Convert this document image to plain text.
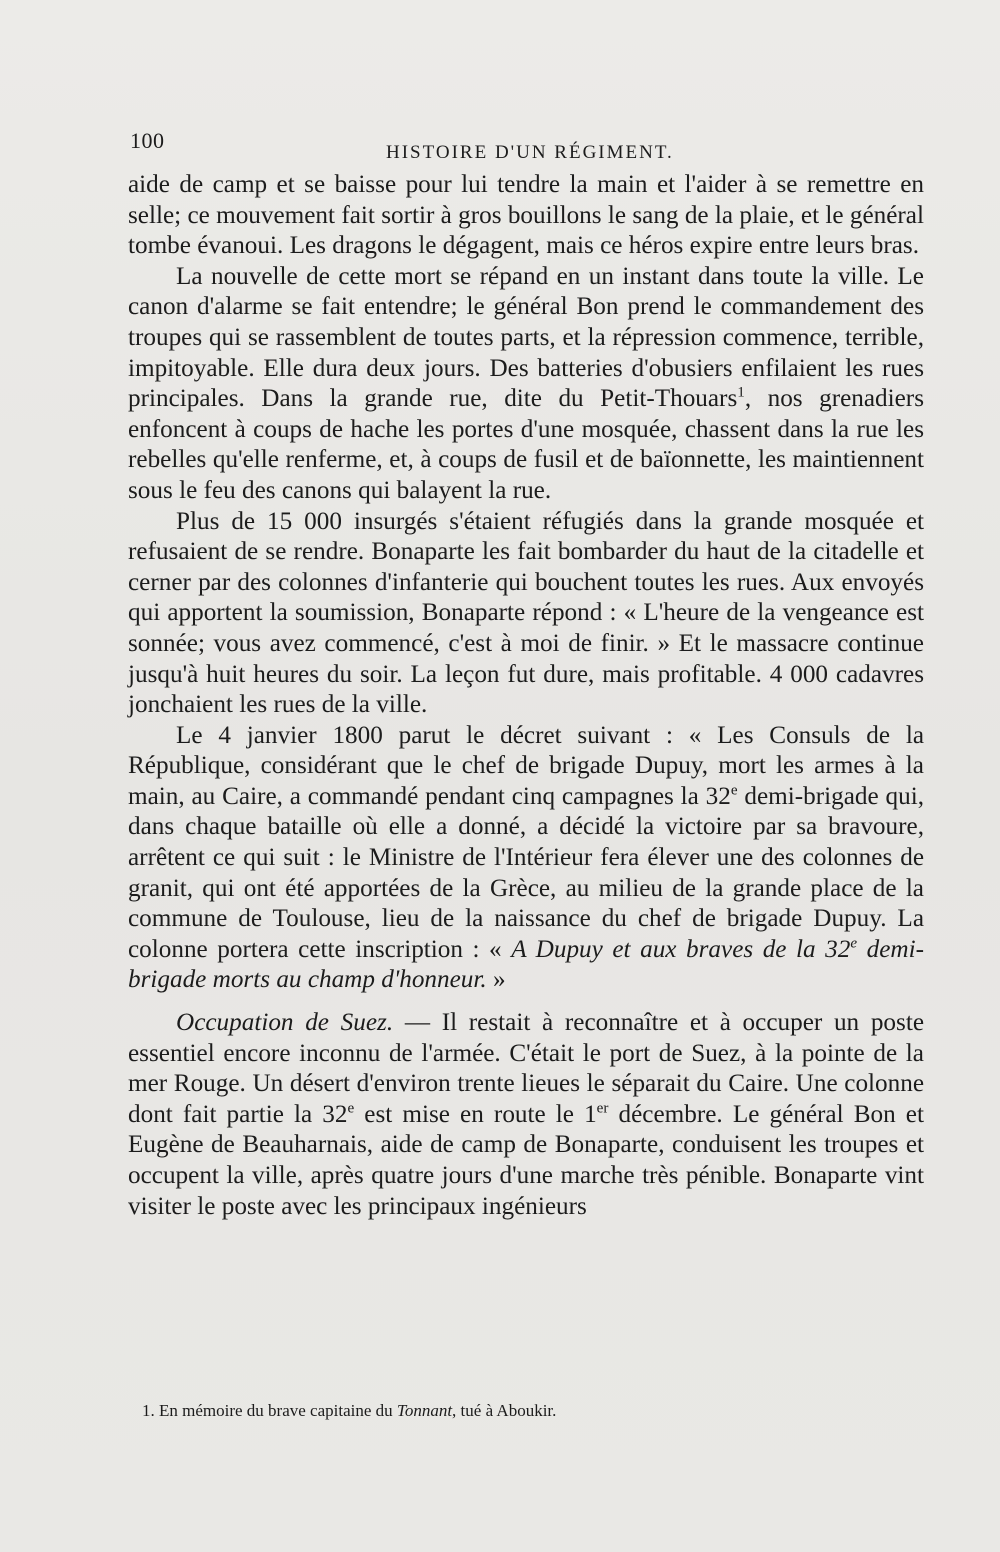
100	HISTOIRE D'UN RÉGIMENT.

aide de camp et se baisse pour lui tendre la main et l'aider à se remettre en selle; ce mouvement fait sortir à gros bouillons le sang de la plaie, et le général tombe évanoui. Les dragons le dégagent, mais ce héros expire entre leurs bras.

La nouvelle de cette mort se répand en un instant dans toute la ville. Le canon d'alarme se fait entendre; le général Bon prend le commandement des troupes qui se rassemblent de toutes parts, et la répression commence, terrible, impitoyable. Elle dura deux jours. Des batteries d'obusiers enfilaient les rues principales. Dans la grande rue, dite du Petit-Thouars$^1$, nos grenadiers enfoncent à coups de hache les portes d'une mosquée, chassent dans la rue les rebelles qu'elle renferme, et, à coups de fusil et de baïonnette, les maintiennent sous le feu des canons qui balayent la rue.

Plus de 15 000 insurgés s'étaient réfugiés dans la grande mosquée et refusaient de se rendre. Bonaparte les fait bombarder du haut de la citadelle et cerner par des colonnes d'infanterie qui bouchent toutes les rues. Aux envoyés qui apportent la soumission, Bonaparte répond : « L'heure de la vengeance est sonnée; vous avez commencé, c'est à moi de finir. » Et le massacre continue jusqu'à huit heures du soir. La leçon fut dure, mais profitable. 4 000 cadavres jonchaient les rues de la ville.

Le 4 janvier 1800 parut le décret suivant : « Les Consuls de la République, considérant que le chef de brigade Dupuy, mort les armes à la main, au Caire, a commandé pendant cinq campagnes la 32e demi-brigade qui, dans chaque bataille où elle a donné, a décidé la victoire par sa bravoure, arrêtent ce qui suit : le Ministre de l'Intérieur fera élever une des colonnes de granit, qui ont été apportées de la Grèce, au milieu de la grande place de la commune de Toulouse, lieu de la naissance du chef de brigade Dupuy. La colonne portera cette inscription : « A Dupuy et aux braves de la 32e demi-brigade morts au champ d'honneur. »

Occupation de Suez. — Il restait à reconnaître et à occuper un poste essentiel encore inconnu de l'armée. C'était le port de Suez, à la pointe de la mer Rouge. Un désert d'environ trente lieues le séparait du Caire. Une colonne dont fait partie la 32e est mise en route le 1er décembre. Le général Bon et Eugène de Beauharnais, aide de camp de Bonaparte, conduisent les troupes et occupent la ville, après quatre jours d'une marche très pénible. Bonaparte vint visiter le poste avec les principaux ingénieurs

1. En mémoire du brave capitaine du Tonnant, tué à Aboukir.
